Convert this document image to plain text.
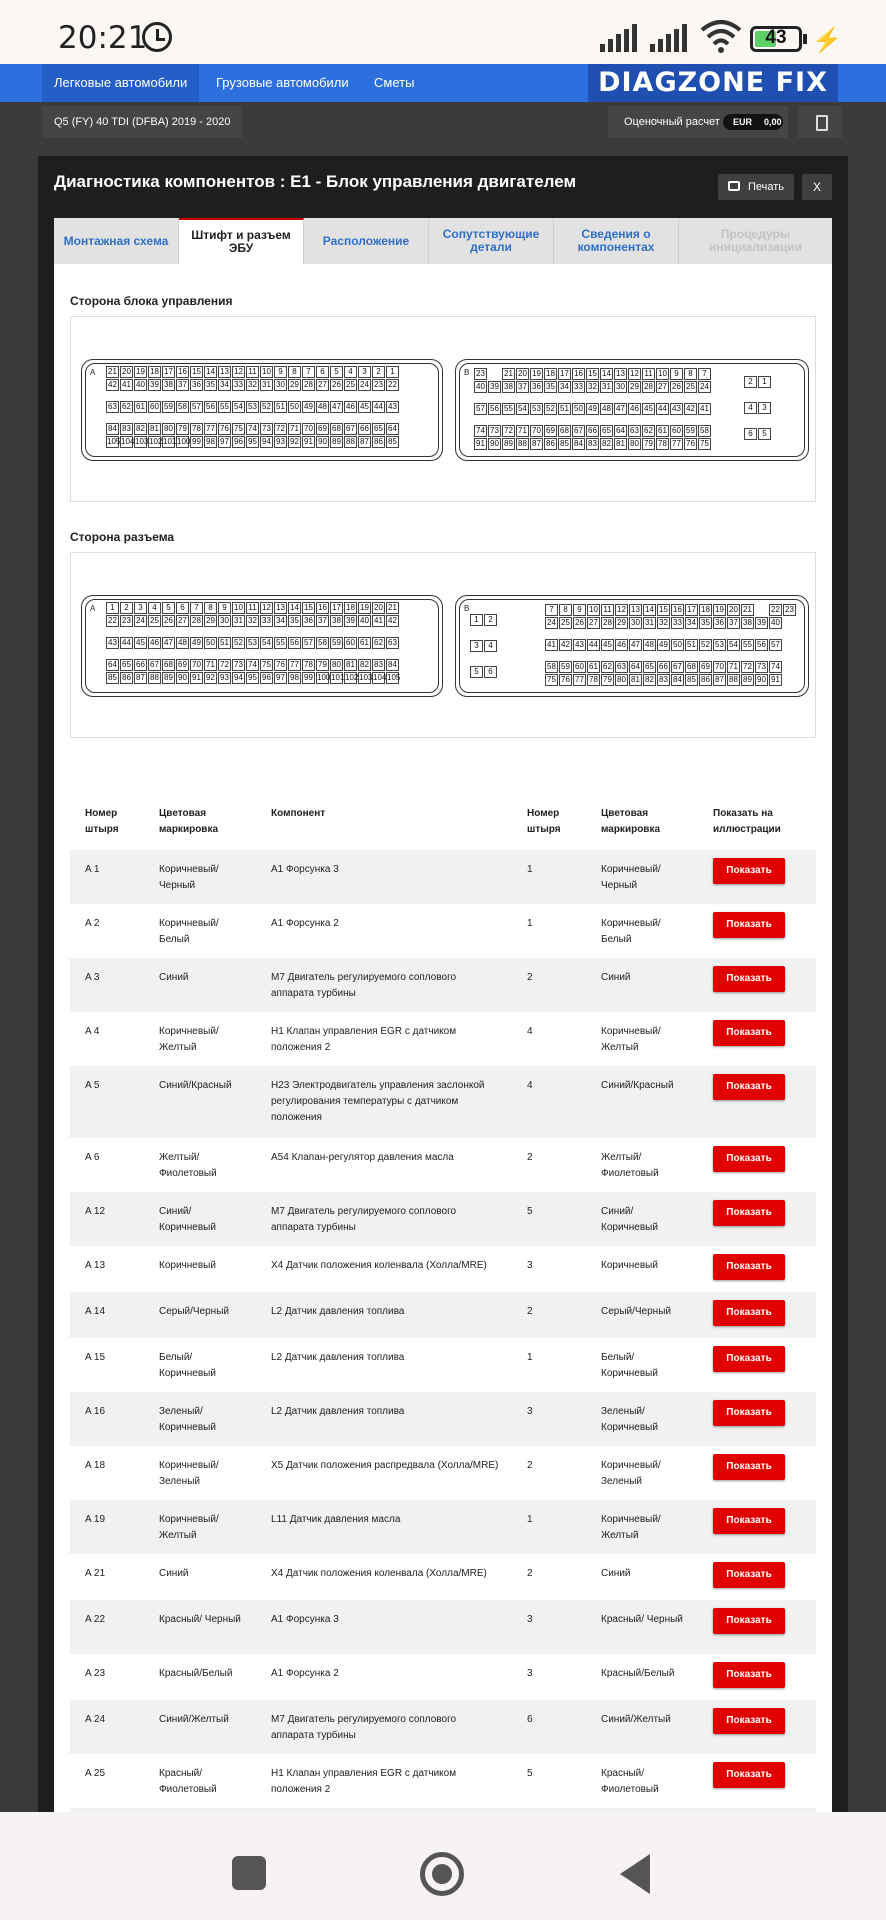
20:21	43	⚡
Легковые автомобили	Грузовые автомобили	Сметы	DIAGZONE FIX
Q5 (FY) 40 TDI (DFBA) 2019 - 2020	Оценочный расчет	EUR 0,00
Диагностика компонентов : E1 - Блок управления двигателем	Печать	X
Монтажная схема	Штифт и разъем ЭБУ
Расположение	Сопутствующие детали
Сведения о компонентах
Процедуры инициализации
Сторона блока управления
A 21 20 19 18 17 16 15 14 13 12 11 10 9	8	7	6	5	4	3	2	1
42 41 40 39 38 37 36 35 34 33 32 31 30 29 28 27 26 25 24 23 22
63 62 61 60 59 58 57 56 55 54 53 52 51 50 49 48 47 46 45 44 43
84 83 82 81 80 79 78 77 76 75 74 73 72 71 70 69 68 67 66 65 64
105 104 103 102 101 100 99 98 97 96 95 94 93 92 91 90 89 88 87 86 85
B 23 21 20 19 18 17 16 15 14 13 12 11 10 9	8	7
40 39 38 37 36 35 34 33 32 31 30 29 28 27 26 25 24
57 56 55 54 53 52 51 50 49 48 47 46 45 44 43 42 41
74 73 72 71 70 69 68 67 66 65 64 63 62 61 60 59 58
91 90 89 88 87 86 85 84 83 82 81 80 79 78 77 76 75
2	1
4	3
6	5
Сторона разъема
A	1	2	3	4	5	6	7	8	9 10 11 12 13 14 15 16 17 18 19 20 21
22 23 24 25 26 27 28 29 30 31 32 33 34 35 36 37 38 39 40 41 42
43 44 45 46 47 48 49 50 51 52 53 54 55 56 57 58 59 60 61 62 63
64 65 66 67 68 69 70 71 72 73 74 75 76 77 78 79 80 81 82 83 84
85 86 87 88 89 90 91 92 93 94 95 96 97 98 99 100 101 102 103 104 105
B
1	2
3	4
5	6
7	8	9 10 11 12 13 14 15 16 17 18 19 20 21 22 23
24 25 26 27 28 29 30 31 32 33 34 35 36 37 38 39 40
41 42 43 44 45 46 47 48 49 50 51 52 53 54 55 56 57
58 59 60 61 62 63 64 65 66 67 68 69 70 71 72 73 74
75 76 77 78 79 80 81 82 83 84 85 86 87 88 89 90 91
Номер штыря	Цветовая маркировка	Компонент	Номер штыря	Цветовая маркировка	Показать на иллюстрации
A 1	Коричневый/ Черный	A1 Форсунка 3	1	Коричневый/ Черный	Показать
A 2	Коричневый/ Белый	A1 Форсунка 2	1	Коричневый/ Белый	Показать
A 3	Синий	M7 Двигатель регулируемого соплового аппарата турбины	2	Синий	Показать
A 4	Коричневый/ Желтый	H1 Клапан управления EGR с датчиком положения 2	4	Коричневый/ Желтый	Показать
A 5	Синий/Красный	H23 Электродвигатель управления заслонкой регулирования температуры с датчиком положения	4	Синий/Красный	Показать
A 6	Желтый/ Фиолетовый	A54 Клапан-регулятор давления масла	2	Желтый/ Фиолетовый	Показать
A 12	Синий/ Коричневый	M7 Двигатель регулируемого соплового аппарата турбины	5	Синий/ Коричневый	Показать
A 13	Коричневый	X4 Датчик положения коленвала (Холла/MRE)	3	Коричневый	Показать
A 14	Серый/Черный	L2 Датчик давления топлива	2	Серый/Черный	Показать
A 15	Белый/ Коричневый	L2 Датчик давления топлива	1	Белый/ Коричневый	Показать
A 16	Зеленый/ Коричневый	L2 Датчик давления топлива	3	Зеленый/ Коричневый	Показать
A 18	Коричневый/ Зеленый	X5 Датчик положения распредвала (Холла/MRE)	2	Коричневый/ Зеленый	Показать
A 19	Коричневый/ Желтый	L11 Датчик давления масла	1	Коричневый/ Желтый	Показать
A 21	Синий	X4 Датчик положения коленвала (Холла/MRE)	2	Синий	Показать
A 22	Красный/ Черный	A1 Форсунка 3	3	Красный/ Черный	Показать
A 23	Красный/Белый	A1 Форсунка 2	3	Красный/Белый	Показать
A 24	Синий/Желтый	M7 Двигатель регулируемого соплового аппарата турбины	6	Синий/Желтый	Показать
A 25	Красный/ Фиолетовый	H1 Клапан управления EGR с датчиком положения 2	5	Красный/ Фиолетовый	Показать
